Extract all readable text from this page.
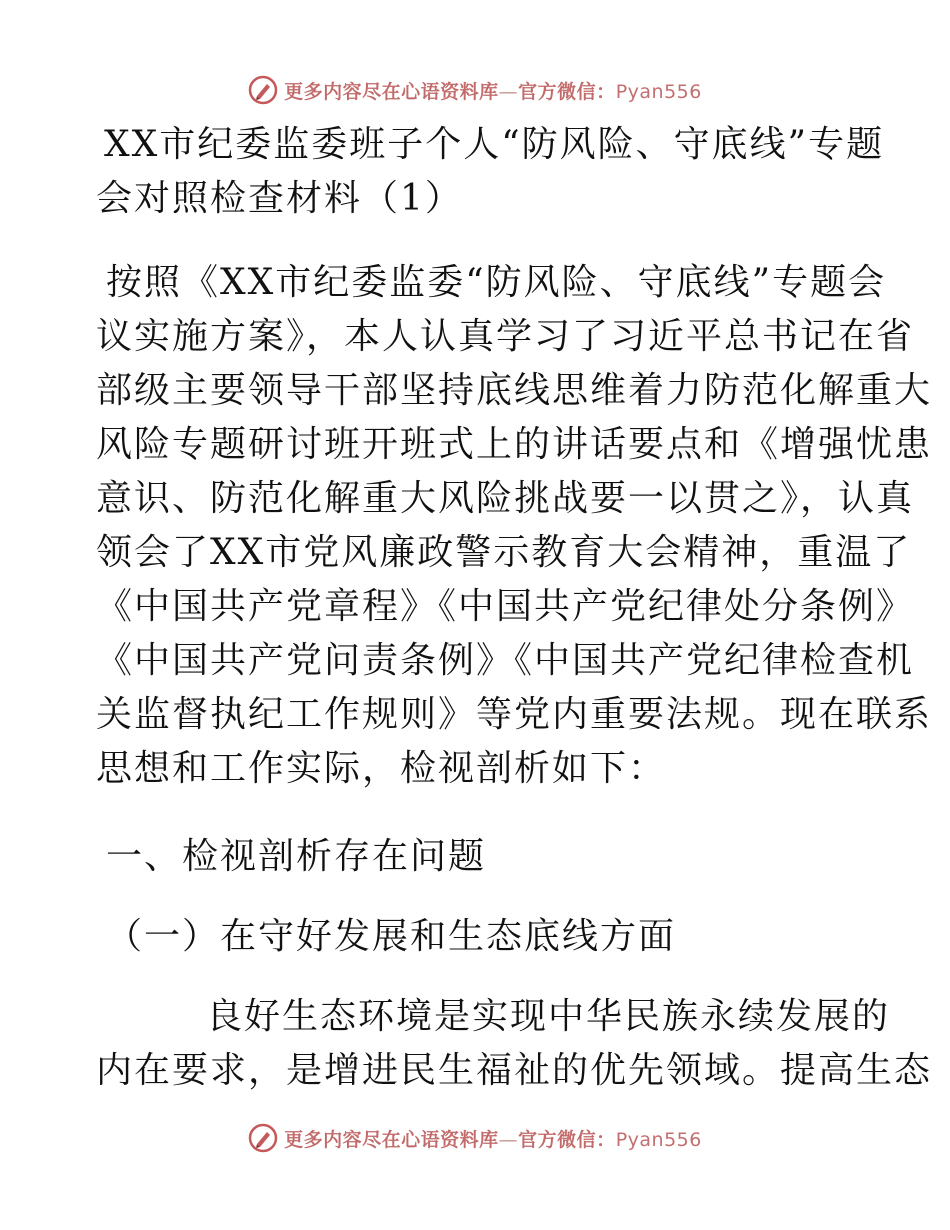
更多内容尽在心语资料库—官方微信：Pyan556
XX市纪委监委班子个人“防风险、守底线”专题
会对照检查材料（1）
按照《XX市纪委监委“防风险、守底线”专题会
议实施方案》，本人认真学习了习近平总书记在省
部级主要领导干部坚持底线思维着力防范化解重大
风险专题研讨班开班式上的讲话要点和《增强忧患
意识、防范化解重大风险挑战要一以贯之》，认真
领会了XX市党风廉政警示教育大会精神，重温了
《中国共产党章程》《中国共产党纪律处分条例》
《中国共产党问责条例》《中国共产党纪律检查机
关监督执纪工作规则》等党内重要法规。现在联系
思想和工作实际，检视剖析如下：
一、检视剖析存在问题
（一）在守好发展和生态底线方面
良好生态环境是实现中华民族永续发展的
内在要求，是增进民生福祉的优先领域。提高生态
更多内容尽在心语资料库—官方微信：Pyan556
